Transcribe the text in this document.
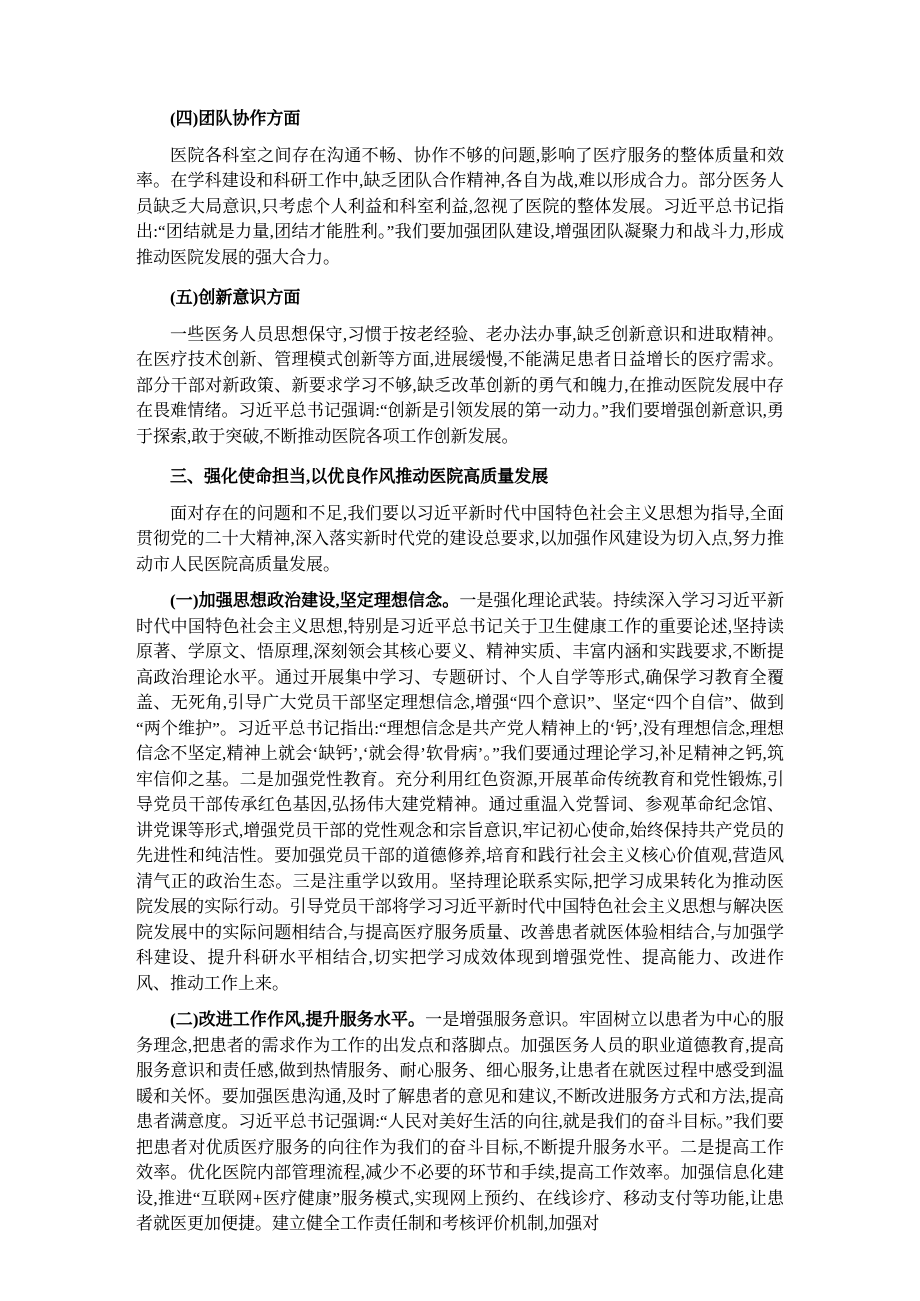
(四)团队协作方面

医院各科室之间存在沟通不畅、协作不够的问题,影响了医疗服务的整体质量和效率。在学科建设和科研工作中,缺乏团队合作精神,各自为战,难以形成合力。部分医务人员缺乏大局意识,只考虑个人利益和科室利益,忽视了医院的整体发展。习近平总书记指出:“团结就是力量,团结才能胜利。”我们要加强团队建设,增强团队凝聚力和战斗力,形成推动医院发展的强大合力。

(五)创新意识方面

一些医务人员思想保守,习惯于按老经验、老办法办事,缺乏创新意识和进取精神。在医疗技术创新、管理模式创新等方面,进展缓慢,不能满足患者日益增长的医疗需求。部分干部对新政策、新要求学习不够,缺乏改革创新的勇气和魄力,在推动医院发展中存在畏难情绪。习近平总书记强调:“创新是引领发展的第一动力。”我们要增强创新意识,勇于探索,敢于突破,不断推动医院各项工作创新发展。

三、强化使命担当,以优良作风推动医院高质量发展

面对存在的问题和不足,我们要以习近平新时代中国特色社会主义思想为指导,全面贯彻党的二十大精神,深入落实新时代党的建设总要求,以加强作风建设为切入点,努力推动市人民医院高质量发展。

(一)加强思想政治建设,坚定理想信念。一是强化理论武装。持续深入学习习近平新时代中国特色社会主义思想,特别是习近平总书记关于卫生健康工作的重要论述,坚持读原著、学原文、悟原理,深刻领会其核心要义、精神实质、丰富内涵和实践要求,不断提高政治理论水平。通过开展集中学习、专题研讨、个人自学等形式,确保学习教育全覆盖、无死角,引导广大党员干部坚定理想信念,增强“四个意识”、坚定“四个自信”、做到“两个维护”。习近平总书记指出:“理想信念是共产党人精神上的‘钙’,没有理想信念,理想信念不坚定,精神上就会‘缺钙’,‘就会得’软骨病’。”我们要通过理论学习,补足精神之钙,筑牢信仰之基。二是加强党性教育。充分利用红色资源,开展革命传统教育和党性锻炼,引导党员干部传承红色基因,弘扬伟大建党精神。通过重温入党誓词、参观革命纪念馆、讲党课等形式,增强党员干部的党性观念和宗旨意识,牢记初心使命,始终保持共产党员的先进性和纯洁性。要加强党员干部的道德修养,培育和践行社会主义核心价值观,营造风清气正的政治生态。三是注重学以致用。坚持理论联系实际,把学习成果转化为推动医院发展的实际行动。引导党员干部将学习习近平新时代中国特色社会主义思想与解决医院发展中的实际问题相结合,与提高医疗服务质量、改善患者就医体验相结合,与加强学科建设、提升科研水平相结合,切实把学习成效体现到增强党性、提高能力、改进作风、推动工作上来。

(二)改进工作作风,提升服务水平。一是增强服务意识。牢固树立以患者为中心的服务理念,把患者的需求作为工作的出发点和落脚点。加强医务人员的职业道德教育,提高服务意识和责任感,做到热情服务、耐心服务、细心服务,让患者在就医过程中感受到温暖和关怀。要加强医患沟通,及时了解患者的意见和建议,不断改进服务方式和方法,提高患者满意度。习近平总书记强调:“人民对美好生活的向往,就是我们的奋斗目标。”我们要把患者对优质医疗服务的向往作为我们的奋斗目标,不断提升服务水平。二是提高工作效率。优化医院内部管理流程,减少不必要的环节和手续,提高工作效率。加强信息化建设,推进“互联网+医疗健康”服务模式,实现网上预约、在线诊疗、移动支付等功能,让患者就医更加便捷。建立健全工作责任制和考核评价机制,加强对
